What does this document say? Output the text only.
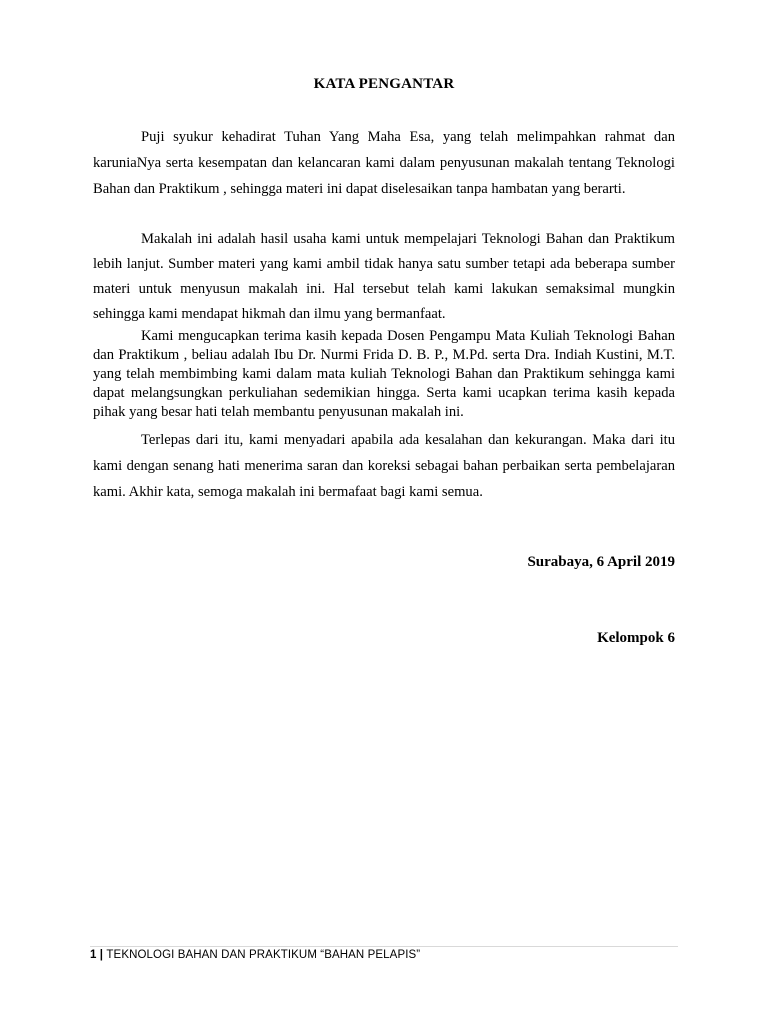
KATA PENGANTAR
Puji syukur kehadirat Tuhan Yang Maha Esa, yang telah melimpahkan rahmat dan karuniaNya serta kesempatan dan kelancaran kami dalam penyusunan makalah tentang Teknologi Bahan dan Praktikum , sehingga materi ini dapat diselesaikan tanpa hambatan yang berarti.
Makalah ini adalah hasil usaha kami untuk mempelajari Teknologi Bahan dan Praktikum lebih lanjut. Sumber materi yang kami ambil tidak hanya satu sumber tetapi ada beberapa sumber materi untuk menyusun makalah ini. Hal tersebut telah kami lakukan semaksimal mungkin sehingga kami mendapat hikmah dan ilmu yang bermanfaat.
Kami mengucapkan terima kasih kepada Dosen Pengampu Mata Kuliah Teknologi Bahan dan Praktikum , beliau adalah Ibu Dr. Nurmi Frida D. B. P., M.Pd. serta Dra. Indiah Kustini, M.T. yang telah membimbing kami dalam mata kuliah Teknologi Bahan dan Praktikum sehingga kami dapat melangsungkan perkuliahan sedemikian hingga. Serta kami ucapkan terima kasih kepada pihak yang besar hati telah membantu penyusunan makalah ini.
Terlepas dari itu, kami menyadari apabila ada kesalahan dan kekurangan. Maka dari itu kami dengan senang hati menerima saran dan koreksi sebagai bahan perbaikan serta pembelajaran kami. Akhir kata, semoga makalah ini bermafaat bagi kami semua.
Surabaya, 6 April 2019
Kelompok 6
1 | TEKNOLOGI BAHAN DAN PRAKTIKUM “BAHAN PELAPIS”
